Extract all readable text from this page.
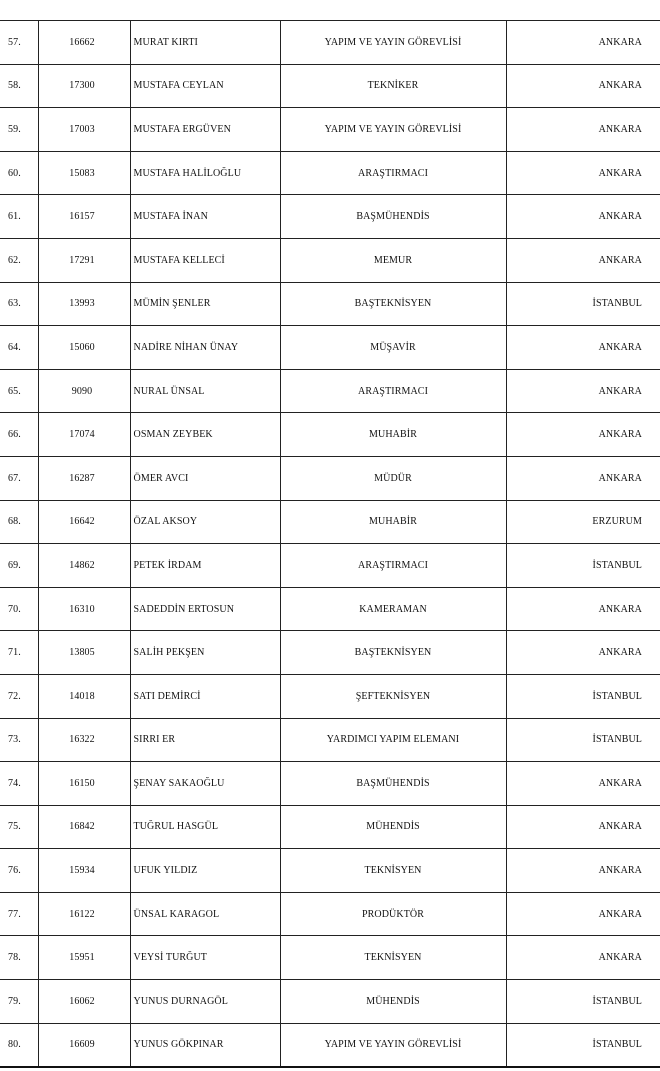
57.	16662	MURAT KIRTI	YAPIM VE YAYIN GÖREVLİSİ	ANKARA
58.	17300	MUSTAFA CEYLAN	TEKNİKER	ANKARA
59.	17003	MUSTAFA ERGÜVEN	YAPIM VE YAYIN GÖREVLİSİ	ANKARA
60.	15083	MUSTAFA HALİLOĞLU	ARAŞTIRMACI	ANKARA
61.	16157	MUSTAFA İNAN	BAŞMÜHENDİS	ANKARA
62.	17291	MUSTAFA KELLECİ	MEMUR	ANKARA
63.	13993	MÜMİN ŞENLER	BAŞTEKNİSYEN	İSTANBUL
64.	15060	NADİRE NİHAN ÜNAY	MÜŞAVİR	ANKARA
65.	9090	NURAL ÜNSAL	ARAŞTIRMACI	ANKARA
66.	17074	OSMAN ZEYBEK	MUHABİR	ANKARA
67.	16287	ÖMER AVCI	MÜDÜR	ANKARA
68.	16642	ÖZAL AKSOY	MUHABİR	ERZURUM
69.	14862	PETEK İRDAM	ARAŞTIRMACI	İSTANBUL
70.	16310	SADEDDİN ERTOSUN	KAMERAMAN	ANKARA
71.	13805	SALİH PEKŞEN	BAŞTEKNİSYEN	ANKARA
72.	14018	SATI DEMİRCİ	ŞEFTEKNİSYEN	İSTANBUL
73.	16322	SIRRI ER	YARDIMCI YAPIM ELEMANI	İSTANBUL
74.	16150	ŞENAY SAKAOĞLU	BAŞMÜHENDİS	ANKARA
75.	16842	TUĞRUL HASGÜL	MÜHENDİS	ANKARA
76.	15934	UFUK YILDIZ	TEKNİSYEN	ANKARA
77.	16122	ÜNSAL KARAGOL	PRODÜKTÖR	ANKARA
78.	15951	VEYSİ TURĞUT	TEKNİSYEN	ANKARA
79.	16062	YUNUS DURNAGÖL	MÜHENDİS	İSTANBUL
80.	16609	YUNUS GÖKPINAR	YAPIM VE YAYIN GÖREVLİSİ	İSTANBUL
